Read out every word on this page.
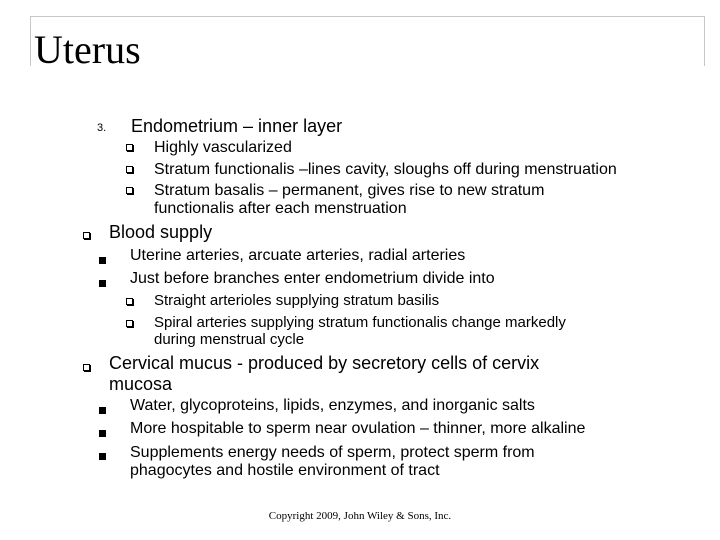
Uterus
3. Endometrium – inner layer
Highly vascularized
Stratum functionalis –lines cavity, sloughs off during menstruation
Stratum basalis – permanent, gives rise to new stratum
functionalis after each menstruation
Blood supply
Uterine arteries, arcuate arteries, radial arteries
Just before branches enter endometrium divide into
Straight arterioles supplying stratum basilis
Spiral arteries supplying stratum functionalis change markedly
during menstrual cycle
Cervical mucus - produced by secretory cells of cervix
mucosa
Water, glycoproteins, lipids, enzymes, and inorganic salts
More hospitable to sperm near ovulation – thinner, more alkaline
Supplements energy needs of sperm, protect sperm from
phagocytes and hostile environment of tract
Copyright 2009, John Wiley & Sons, Inc.
